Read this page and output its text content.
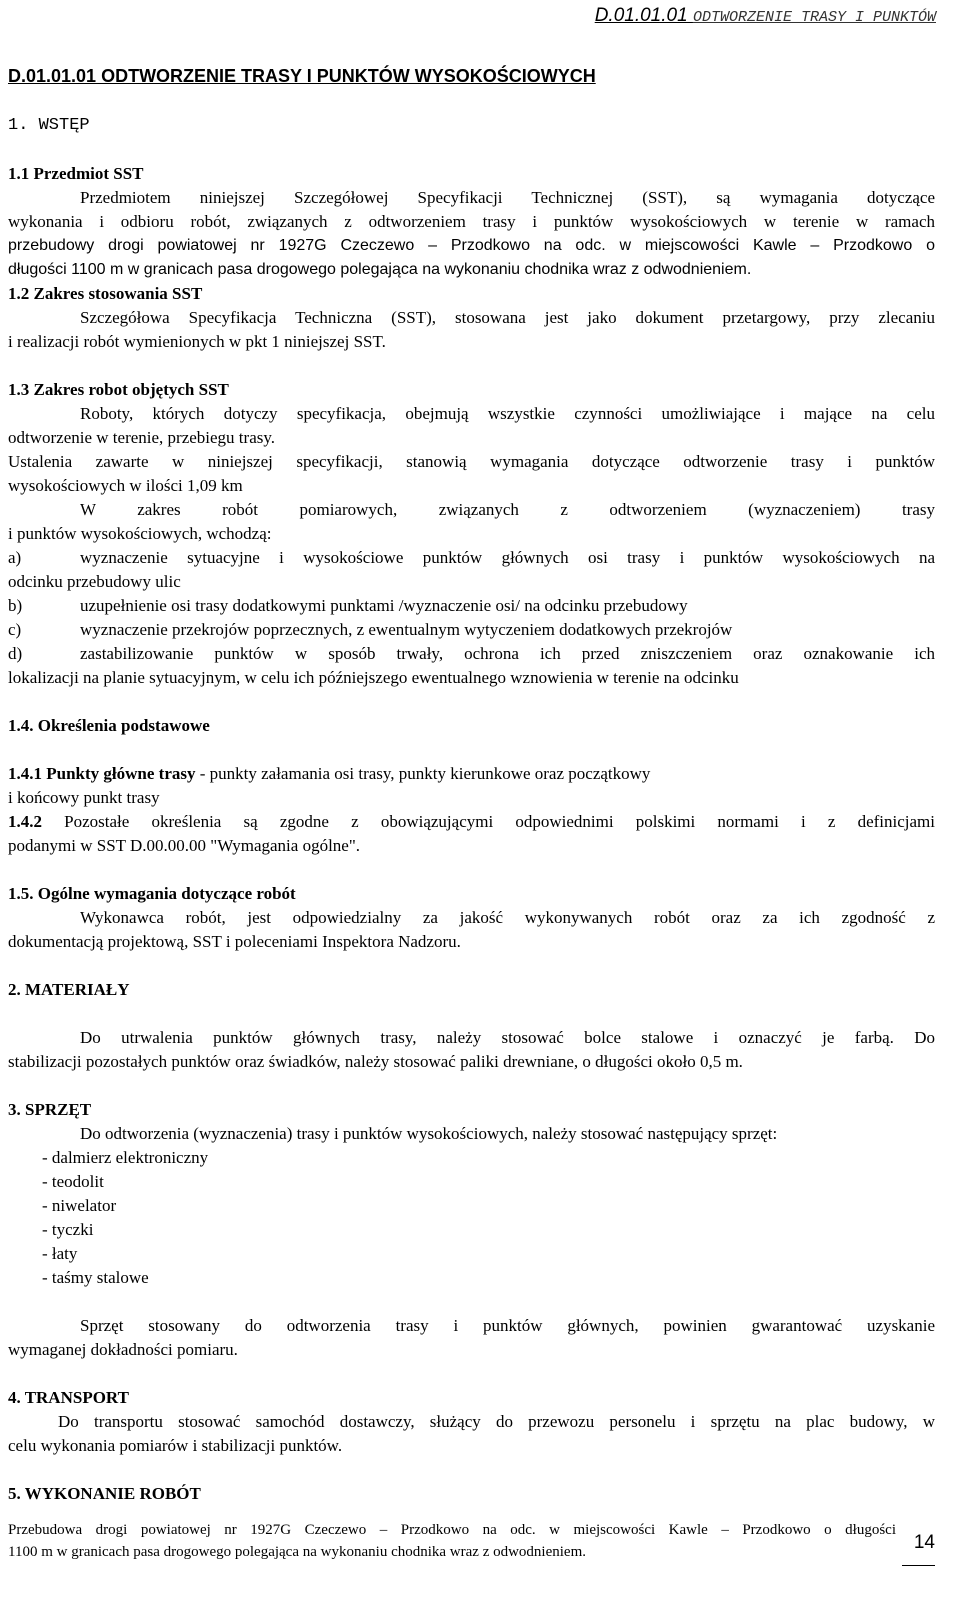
D.01.01.01 ODTWORZENIE TRASY I PUNKTÓW
D.01.01.01 ODTWORZENIE TRASY I PUNKTÓW WYSOKOŚCIOWYCH
1. WSTĘP
1.1 Przedmiot SST
Przedmiotem niniejszej Szczegółowej Specyfikacji Technicznej (SST), są wymagania dotyczące
wykonania i odbioru robót, związanych z odtworzeniem trasy i punktów wysokościowych w terenie w ramach
przebudowy drogi powiatowej nr 1927G Czeczewo – Przodkowo na odc. w miejscowości Kawle – Przodkowo o
długości 1100 m w granicach pasa drogowego polegająca na wykonaniu chodnika wraz z odwodnieniem.
1.2 Zakres stosowania SST
Szczegółowa Specyfikacja Techniczna (SST), stosowana jest jako dokument przetargowy, przy zlecaniu
i realizacji robót wymienionych w pkt 1 niniejszej SST.
1.3 Zakres robot objętych SST
Roboty, których dotyczy specyfikacja, obejmują wszystkie czynności umożliwiające i mające na celu
odtworzenie w terenie, przebiegu trasy.
Ustalenia zawarte w niniejszej specyfikacji, stanowią wymagania dotyczące odtworzenie trasy i punktów
wysokościowych w ilości 1,09 km
W zakres robót pomiarowych, związanych z odtworzeniem (wyznaczeniem) trasy
i punktów wysokościowych, wchodzą:
a)	wyznaczenie sytuacyjne i wysokościowe punktów głównych osi trasy i punktów wysokościowych na
odcinku przebudowy ulic
b)	uzupełnienie osi trasy dodatkowymi punktami /wyznaczenie osi/ na odcinku przebudowy
c)	wyznaczenie przekrojów poprzecznych, z ewentualnym wytyczeniem dodatkowych przekrojów
d)	zastabilizowanie punktów w sposób trwały, ochrona ich przed zniszczeniem oraz oznakowanie ich
lokalizacji na planie sytuacyjnym, w celu ich późniejszego ewentualnego wznowienia w terenie na odcinku
1.4. Określenia podstawowe
1.4.1 Punkty główne trasy - punkty załamania osi trasy, punkty kierunkowe oraz początkowy
i końcowy punkt trasy
1.4.2 Pozostałe określenia są zgodne z obowiązującymi odpowiednimi polskimi normami i z definicjami
podanymi w SST D.00.00.00 "Wymagania ogólne".
1.5. Ogólne wymagania dotyczące robót
Wykonawca robót, jest odpowiedzialny za jakość wykonywanych robót oraz za ich zgodność z
dokumentacją projektową, SST i poleceniami Inspektora Nadzoru.
2. MATERIAŁY
Do utrwalenia punktów głównych trasy, należy stosować bolce stalowe i oznaczyć je farbą. Do
stabilizacji pozostałych punktów oraz świadków, należy stosować paliki drewniane, o długości około 0,5 m.
3. SPRZĘT
Do odtworzenia (wyznaczenia) trasy i punktów wysokościowych, należy stosować następujący sprzęt:
- dalmierz elektroniczny
- teodolit
- niwelator
- tyczki
- łaty
- taśmy stalowe
Sprzęt stosowany do odtworzenia trasy i punktów głównych, powinien gwarantować uzyskanie
wymaganej dokładności pomiaru.
4. TRANSPORT
Do transportu stosować samochód dostawczy, służący do przewozu personelu i sprzętu na plac budowy, w
celu wykonania pomiarów i stabilizacji punktów.
5. WYKONANIE ROBÓT
Przebudowa drogi powiatowej nr 1927G Czeczewo – Przodkowo na odc. w miejscowości Kawle – Przodkowo o długości
1100 m w granicach pasa drogowego polegająca na wykonaniu chodnika wraz z odwodnieniem.	14
